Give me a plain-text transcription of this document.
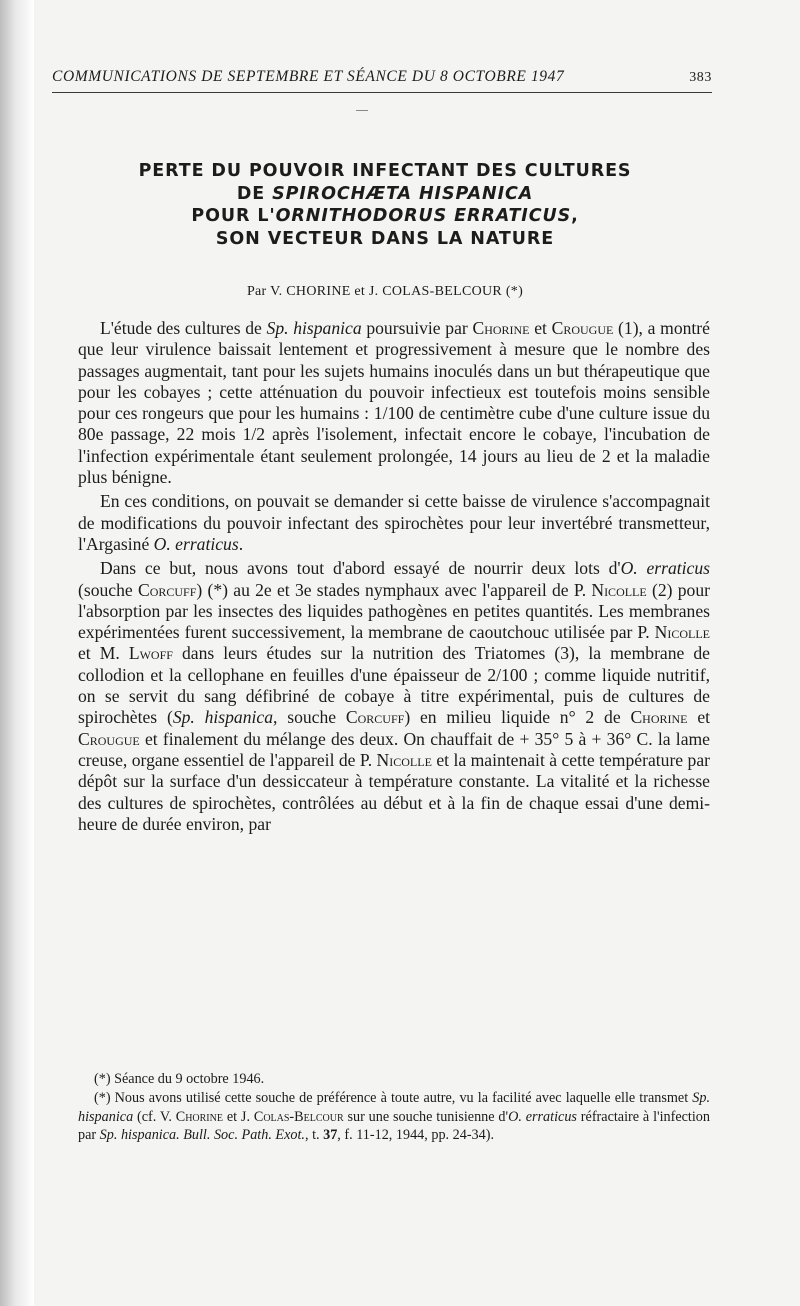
COMMUNICATIONS DE SEPTEMBRE ET SÉANCE DU 8 OCTOBRE 1947	383
PERTE DU POUVOIR INFECTANT DES CULTURES
DE SPIROCHÆTA HISPANICA
POUR L'ORNITHODORUS ERRATICUS,
SON VECTEUR DANS LA NATURE
Par V. CHORINE et J. COLAS-BELCOUR (*)

L'étude des cultures de Sp. hispanica poursuivie par Chorine et Crougue (1), a montré que leur virulence baissait lentement et progressivement à mesure que le nombre des passages augmentait, tant pour les sujets humains inoculés dans un but thérapeutique que pour les cobayes ; cette atténuation du pouvoir infectieux est toutefois moins sensible pour ces rongeurs que pour les humains : 1/100 de centimètre cube d'une culture issue du 80e passage, 22 mois 1/2 après l'isolement, infectait encore le cobaye, l'incubation de l'infection expérimentale étant seulement prolongée, 14 jours au lieu de 2 et la maladie plus bénigne.

En ces conditions, on pouvait se demander si cette baisse de virulence s'accompagnait de modifications du pouvoir infectant des spirochètes pour leur invertébré transmetteur, l'Argasiné O. erraticus.

Dans ce but, nous avons tout d'abord essayé de nourrir deux lots d'O. erraticus (souche Corcuff) (*) au 2e et 3e stades nymphaux avec l'appareil de P. Nicolle (2) pour l'absorption par les insectes des liquides pathogènes en petites quantités. Les membranes expérimentées furent successivement, la membrane de caoutchouc utilisée par P. Nicolle et M. Lwoff dans leurs études sur la nutrition des Triatomes (3), la membrane de collodion et la cellophane en feuilles d'une épaisseur de 2/100 ; comme liquide nutritif, on se servit du sang défibriné de cobaye à titre expérimental, puis de cultures de spirochètes (Sp. hispanica, souche Corcuff) en milieu liquide n° 2 de Chorine et Crougue et finalement du mélange des deux. On chauffait de + 35° 5 à + 36° C. la lame creuse, organe essentiel de l'appareil de P. Nicolle et la maintenait à cette température par dépôt sur la surface d'un dessiccateur à température constante. La vitalité et la richesse des cultures de spirochètes, contrôlées au début et à la fin de chaque essai d'une demi-heure de durée environ, par

(*) Séance du 9 octobre 1946.

(*) Nous avons utilisé cette souche de préférence à toute autre, vu la facilité avec laquelle elle transmet Sp. hispanica (cf. V. Chorine et J. Colas-Belcour sur une souche tunisienne d'O. erraticus réfractaire à l'infection par Sp. hispanica. Bull. Soc. Path. Exot., t. 37, f. 11-12, 1944, pp. 24-34).
